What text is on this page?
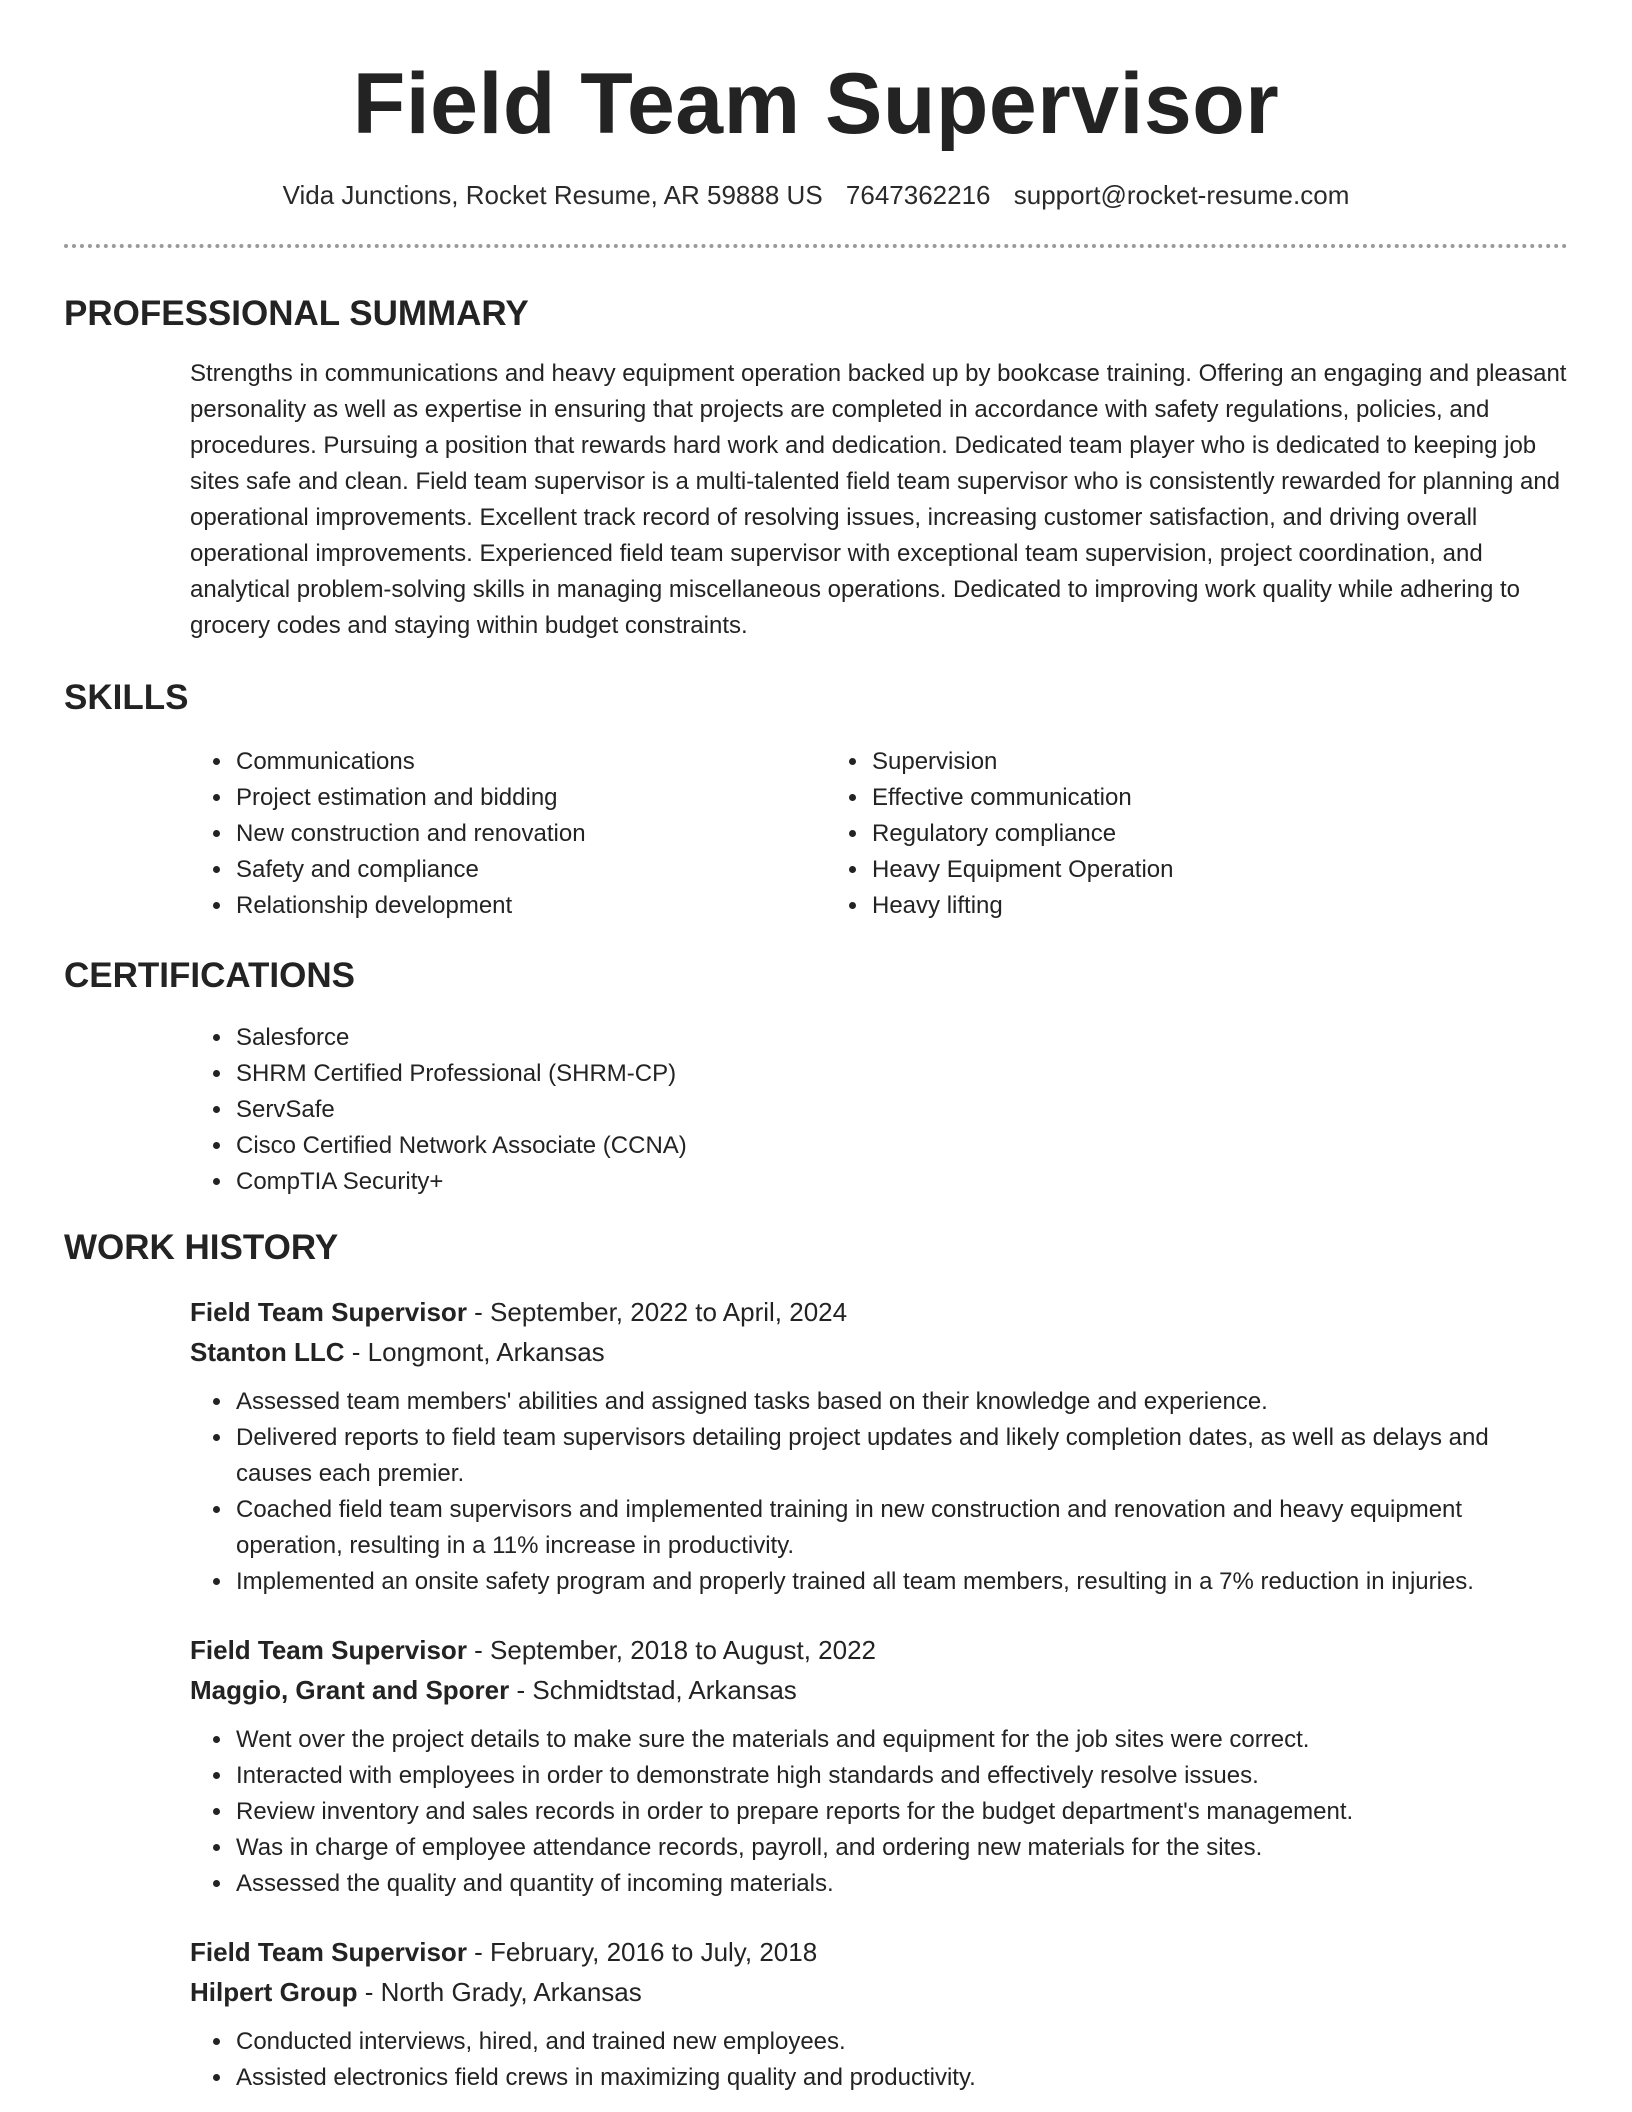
Field Team Supervisor
Vida Junctions, Rocket Resume, AR 59888 US 7647362216 support@rocket-resume.com
PROFESSIONAL SUMMARY

Strengths in communications and heavy equipment operation backed up by bookcase training. Offering an engaging and pleasant personality as well as expertise in ensuring that projects are completed in accordance with safety regulations, policies, and procedures. Pursuing a position that rewards hard work and dedication. Dedicated team player who is dedicated to keeping job sites safe and clean. Field team supervisor is a multi-talented field team supervisor who is consistently rewarded for planning and operational improvements. Excellent track record of resolving issues, increasing customer satisfaction, and driving overall operational improvements. Experienced field team supervisor with exceptional team supervision, project coordination, and analytical problem-solving skills in managing miscellaneous operations. Dedicated to improving work quality while adhering to grocery codes and staying within budget constraints.

SKILLS
• Communications
• Project estimation and bidding
• New construction and renovation
• Safety and compliance
• Relationship development
• Supervision
• Effective communication
• Regulatory compliance
• Heavy Equipment Operation
• Heavy lifting
CERTIFICATIONS
• Salesforce
• SHRM Certified Professional (SHRM-CP)
• ServSafe
• Cisco Certified Network Associate (CCNA)
• CompTIA Security+
WORK HISTORY
Field Team Supervisor - September, 2022 to April, 2024
Stanton LLC - Longmont, Arkansas
• Assessed team members' abilities and assigned tasks based on their knowledge and experience.
• Delivered reports to field team supervisors detailing project updates and likely completion dates, as well as delays and causes each premier.
• Coached field team supervisors and implemented training in new construction and renovation and heavy equipment operation, resulting in a 11% increase in productivity.
• Implemented an onsite safety program and properly trained all team members, resulting in a 7% reduction in injuries.
Field Team Supervisor - September, 2018 to August, 2022
Maggio, Grant and Sporer - Schmidtstad, Arkansas
• Went over the project details to make sure the materials and equipment for the job sites were correct.
• Interacted with employees in order to demonstrate high standards and effectively resolve issues.
• Review inventory and sales records in order to prepare reports for the budget department's management.
• Was in charge of employee attendance records, payroll, and ordering new materials for the sites.
• Assessed the quality and quantity of incoming materials.
Field Team Supervisor - February, 2016 to July, 2018
Hilpert Group - North Grady, Arkansas
• Conducted interviews, hired, and trained new employees.
• Assisted electronics field crews in maximizing quality and productivity.
